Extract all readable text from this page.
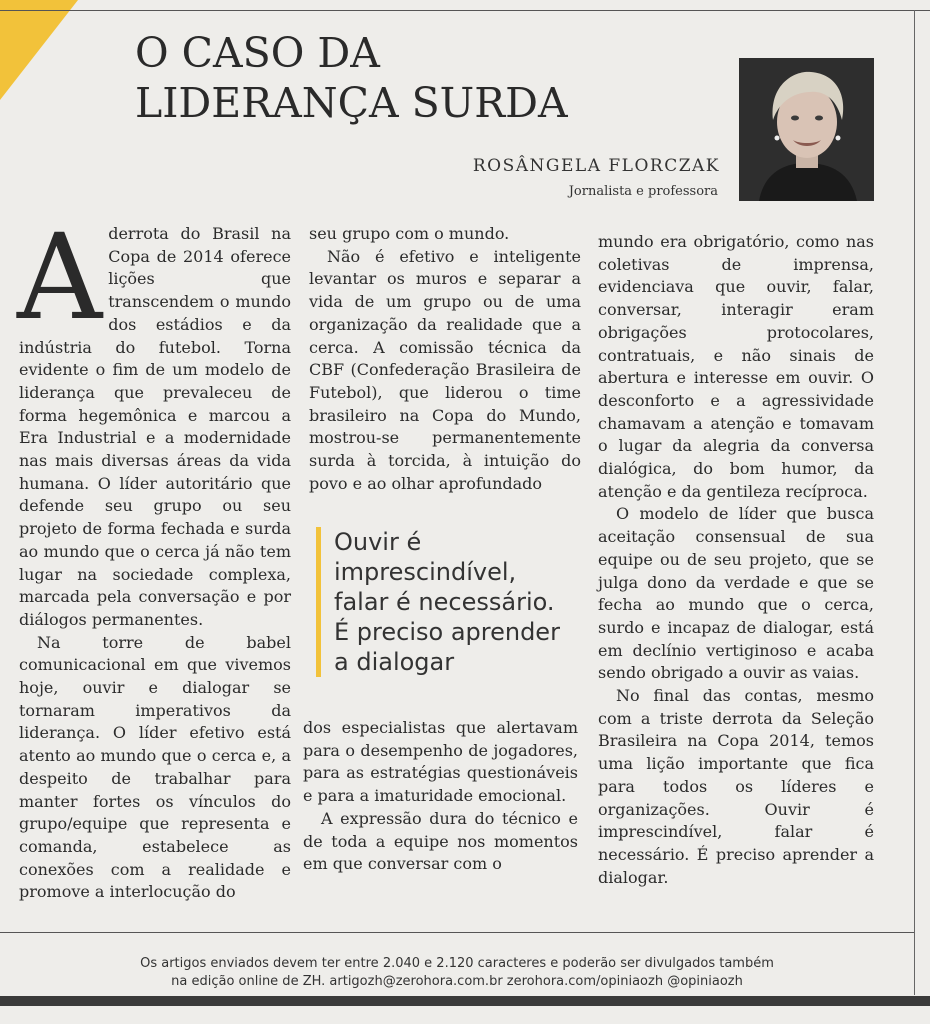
O CASO DA
LIDERANÇA SURDA
ROSÂNGELA FLORCZAK
Jornalista e professora
A derrota do Brasil na Copa de 2014 oferece lições que transcendem o mundo dos estádios e da indústria do futebol. Torna evidente o fim de um modelo de liderança que prevaleceu de forma hegemônica e marcou a Era Industrial e a modernidade nas mais diversas áreas da vida humana. O líder autoritário que defende seu grupo ou seu projeto de forma fechada e surda ao mundo que o cerca já não tem lugar na sociedade complexa, marcada pela conversação e por diálogos permanentes.

Na torre de babel comunicacional em que vivemos hoje, ouvir e dialogar se tornaram imperativos da liderança. O líder efetivo está atento ao mundo que o cerca e, a despeito de trabalhar para manter fortes os vínculos do grupo/equipe que representa e comanda, estabelece as conexões com a realidade e promove a interlocução do

seu grupo com o mundo.

Não é efetivo e inteligente levantar os muros e separar a vida de um grupo ou de uma organização da realidade que a cerca. A comissão técnica da CBF (Confederação Brasileira de Futebol), que liderou o time brasileiro na Copa do Mundo, mostrou-se permanentemente surda à torcida, à intuição do povo e ao olhar aprofundado

Ouvir é
imprescindível,
falar é necessário.
É preciso aprender
a dialogar

dos especialistas que alertavam para o desempenho de jogadores, para as estratégias questionáveis e para a imaturidade emocional.

A expressão dura do técnico e de toda a equipe nos momentos em que conversar com o

mundo era obrigatório, como nas coletivas de imprensa, evidenciava que ouvir, falar, conversar, interagir eram obrigações protocolares, contratuais, e não sinais de abertura e interesse em ouvir. O desconforto e a agressividade chamavam a atenção e tomavam o lugar da alegria da conversa dialógica, do bom humor, da atenção e da gentileza recíproca.

O modelo de líder que busca aceitação consensual de sua equipe ou de seu projeto, que se julga dono da verdade e que se fecha ao mundo que o cerca, surdo e incapaz de dialogar, está em declínio vertiginoso e acaba sendo obrigado a ouvir as vaias.

No final das contas, mesmo com a triste derrota da Seleção Brasileira na Copa 2014, temos uma lição importante que fica para todos os líderes e organizações. Ouvir é imprescindível, falar é necessário. É preciso aprender a dialogar.

Os artigos enviados devem ter entre 2.040 e 2.120 caracteres e poderão ser divulgados também
na edição online de ZH. artigozh@zerohora.com.br zerohora.com/opiniaozh @opiniaozh
